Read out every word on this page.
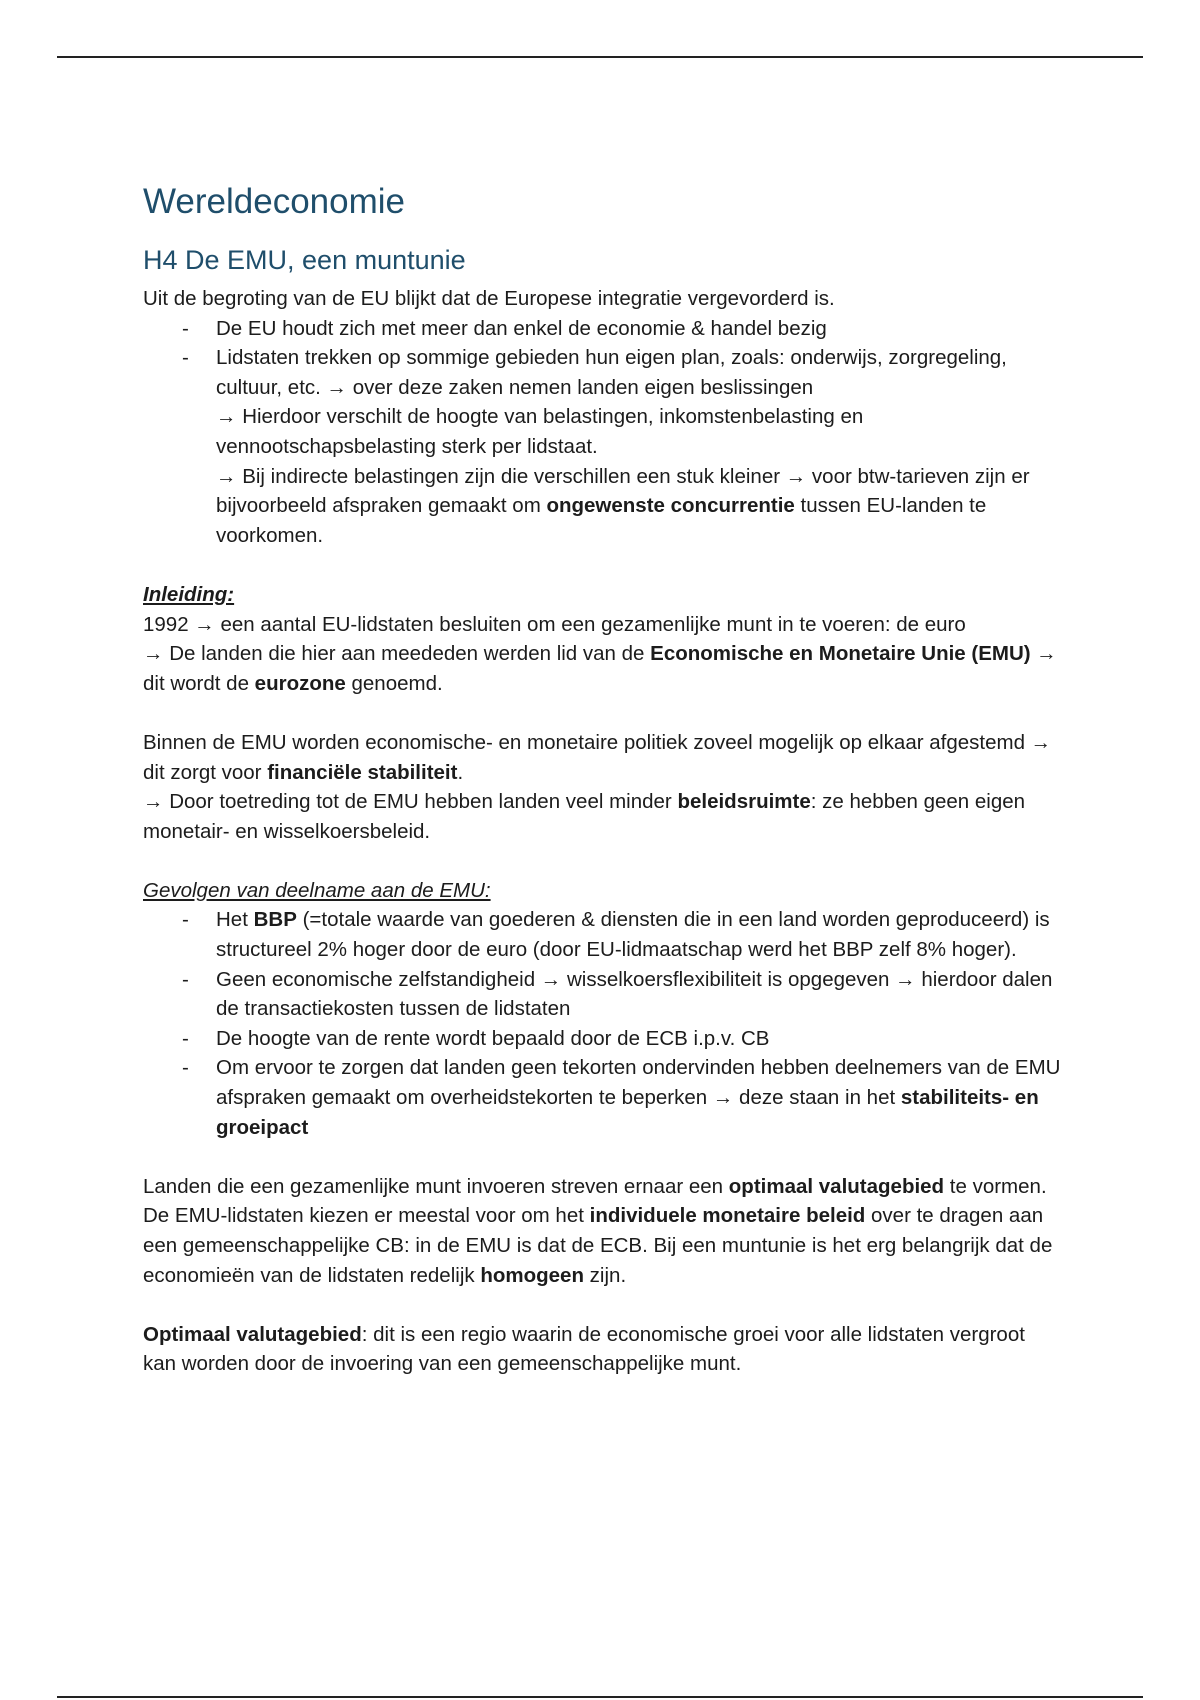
Wereldeconomie
H4 De EMU, een muntunie

Uit de begroting van de EU blijkt dat de Europese integratie vergevorderd is.

- De EU houdt zich met meer dan enkel de economie & handel bezig
- Lidstaten trekken op sommige gebieden hun eigen plan, zoals: onderwijs, zorgregeling, cultuur, etc. → over deze zaken nemen landen eigen beslissingen
→ Hierdoor verschilt de hoogte van belastingen, inkomstenbelasting en vennootschapsbelasting sterk per lidstaat.
→ Bij indirecte belastingen zijn die verschillen een stuk kleiner → voor btw-tarieven zijn er bijvoorbeeld afspraken gemaakt om ongewenste concurrentie tussen EU-landen te voorkomen.

Inleiding:

1992 → een aantal EU-lidstaten besluiten om een gezamenlijke munt in te voeren: de euro

→ De landen die hier aan meededen werden lid van de Economische en Monetaire Unie (EMU) → dit wordt de eurozone genoemd.

Binnen de EMU worden economische- en monetaire politiek zoveel mogelijk op elkaar afgestemd → dit zorgt voor financiële stabiliteit.

→ Door toetreding tot de EMU hebben landen veel minder beleidsruimte: ze hebben geen eigen monetair- en wisselkoersbeleid.

Gevolgen van deelname aan de EMU:

- Het BBP (=totale waarde van goederen & diensten die in een land worden geproduceerd) is structureel 2% hoger door de euro (door EU-lidmaatschap werd het BBP zelf 8% hoger).
- Geen economische zelfstandigheid → wisselkoersflexibiliteit is opgegeven → hierdoor dalen de transactiekosten tussen de lidstaten
- De hoogte van de rente wordt bepaald door de ECB i.p.v. CB
- Om ervoor te zorgen dat landen geen tekorten ondervinden hebben deelnemers van de EMU afspraken gemaakt om overheidstekorten te beperken → deze staan in het stabiliteits- en groeipact

Landen die een gezamenlijke munt invoeren streven ernaar een optimaal valutagebied te vormen. De EMU-lidstaten kiezen er meestal voor om het individuele monetaire beleid over te dragen aan een gemeenschappelijke CB: in de EMU is dat de ECB. Bij een muntunie is het erg belangrijk dat de economieën van de lidstaten redelijk homogeen zijn.

Optimaal valutagebied: dit is een regio waarin de economische groei voor alle lidstaten vergroot kan worden door de invoering van een gemeenschappelijke munt.
